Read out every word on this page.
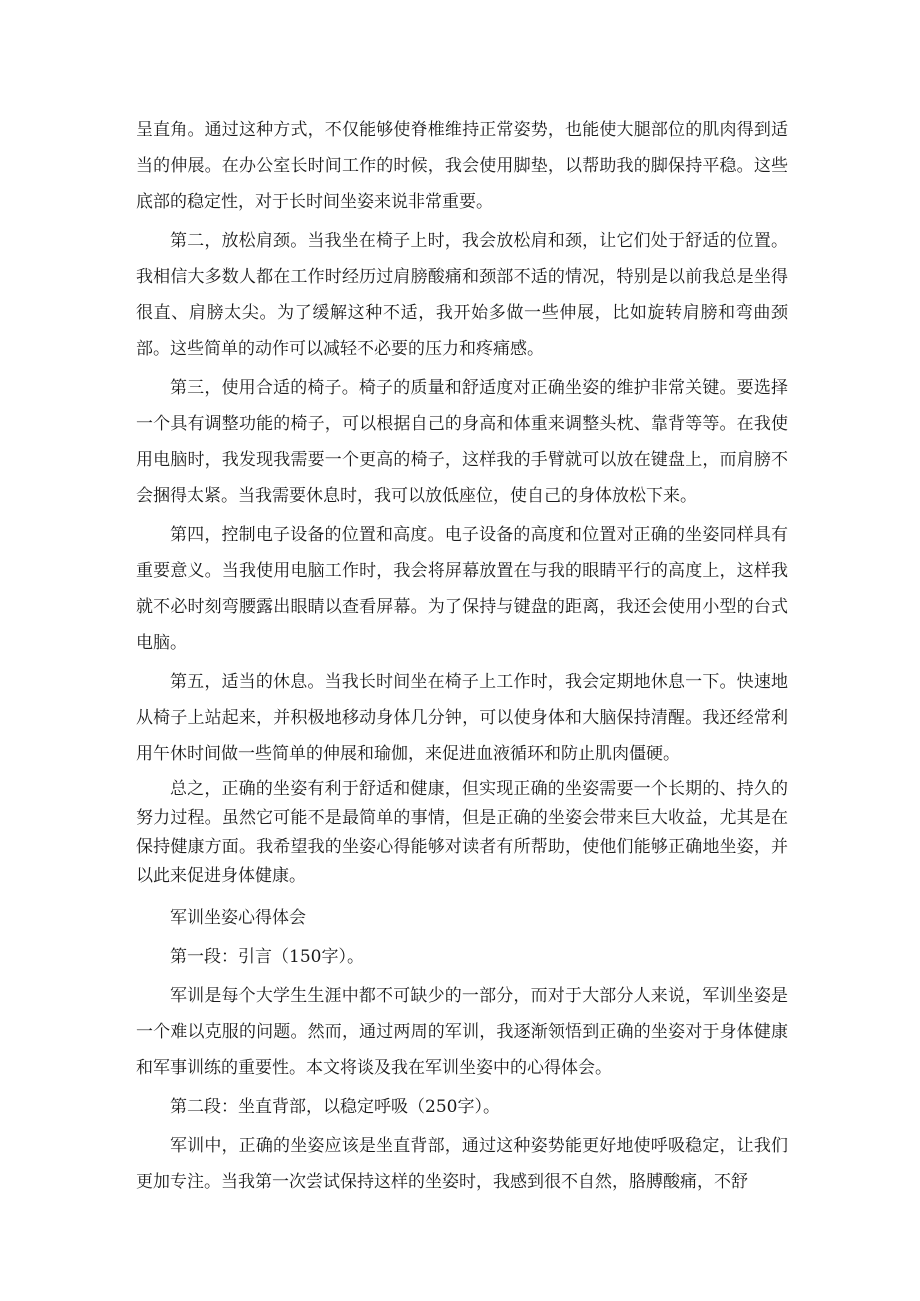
呈直角。通过这种方式，不仅能够使脊椎维持正常姿势，也能使大腿部位的肌肉得到适当的伸展。在办公室长时间工作的时候，我会使用脚垫，以帮助我的脚保持平稳。这些底部的稳定性，对于长时间坐姿来说非常重要。

第二，放松肩颈。当我坐在椅子上时，我会放松肩和颈，让它们处于舒适的位置。我相信大多数人都在工作时经历过肩膀酸痛和颈部不适的情况，特别是以前我总是坐得很直、肩膀太尖。为了缓解这种不适，我开始多做一些伸展，比如旋转肩膀和弯曲颈部。这些简单的动作可以减轻不必要的压力和疼痛感。

第三，使用合适的椅子。椅子的质量和舒适度对正确坐姿的维护非常关键。要选择一个具有调整功能的椅子，可以根据自己的身高和体重来调整头枕、靠背等等。在我使用电脑时，我发现我需要一个更高的椅子，这样我的手臂就可以放在键盘上，而肩膀不会捆得太紧。当我需要休息时，我可以放低座位，使自己的身体放松下来。

第四，控制电子设备的位置和高度。电子设备的高度和位置对正确的坐姿同样具有重要意义。当我使用电脑工作时，我会将屏幕放置在与我的眼睛平行的高度上，这样我就不必时刻弯腰露出眼睛以查看屏幕。为了保持与键盘的距离，我还会使用小型的台式电脑。

第五，适当的休息。当我长时间坐在椅子上工作时，我会定期地休息一下。快速地从椅子上站起来，并积极地移动身体几分钟，可以使身体和大脑保持清醒。我还经常利用午休时间做一些简单的伸展和瑜伽，来促进血液循环和防止肌肉僵硬。

总之，正确的坐姿有利于舒适和健康，但实现正确的坐姿需要一个长期的、持久的努力过程。虽然它可能不是最简单的事情，但是正确的坐姿会带来巨大收益，尤其是在保持健康方面。我希望我的坐姿心得能够对读者有所帮助，使他们能够正确地坐姿，并以此来促进身体健康。

军训坐姿心得体会

第一段：引言（150字）。

军训是每个大学生生涯中都不可缺少的一部分，而对于大部分人来说，军训坐姿是一个难以克服的问题。然而，通过两周的军训，我逐渐领悟到正确的坐姿对于身体健康和军事训练的重要性。本文将谈及我在军训坐姿中的心得体会。

第二段：坐直背部，以稳定呼吸（250字）。

军训中，正确的坐姿应该是坐直背部，通过这种姿势能更好地使呼吸稳定，让我们更加专注。当我第一次尝试保持这样的坐姿时，我感到很不自然，胳膊酸痛，不舒
